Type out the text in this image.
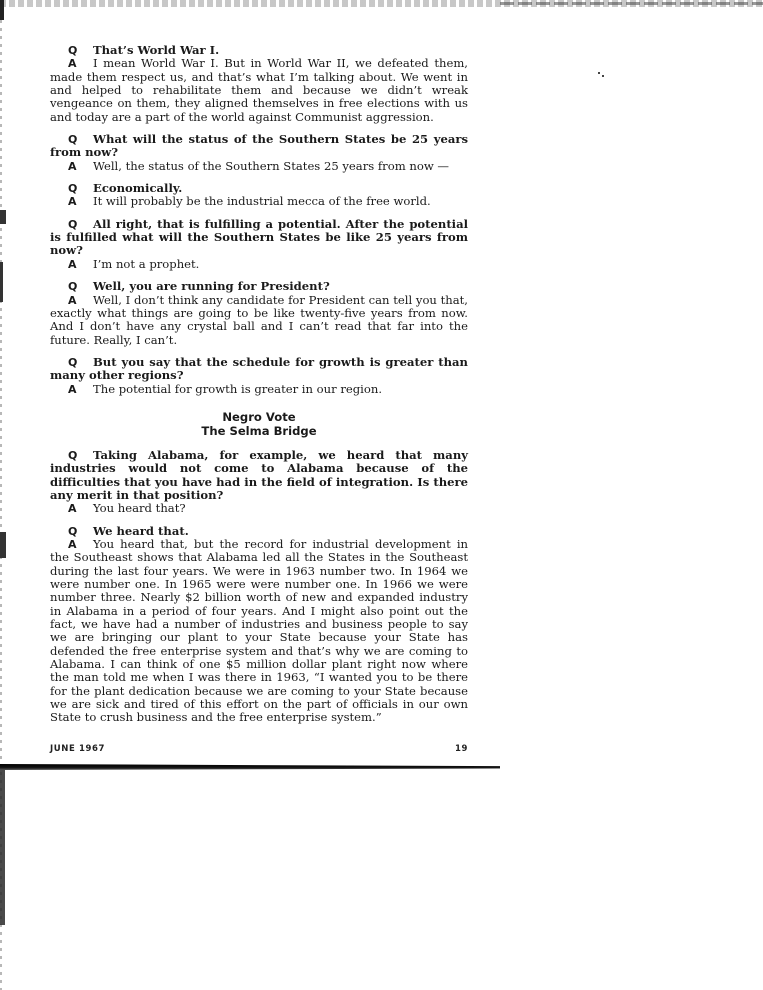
Q That’s World War I.

A I mean World War I. But in World War II, we defeated them, made them respect us, and that’s what I’m talking about. We went in and helped to rehabilitate them and because we didn’t wreak vengeance on them, they aligned themselves in free elections with us and today are a part of the world against Communist aggression.

Q What will the status of the Southern States be 25 years from now?

A Well, the status of the Southern States 25 years from now —

Q Economically.

A It will probably be the industrial mecca of the free world.

Q All right, that is fulfilling a potential. After the potential is fulfilled what will the Southern States be like 25 years from now?

A I’m not a prophet.

Q Well, you are running for President?

A Well, I don’t think any candidate for President can tell you that, exactly what things are going to be like twenty-five years from now. And I don’t have any crystal ball and I can’t read that far into the future. Really, I can’t.

Q But you say that the schedule for growth is greater than many other regions?

A The potential for growth is greater in our region.

Negro Vote
The Selma Bridge

Q Taking Alabama, for example, we heard that many industries would not come to Alabama because of the difficulties that you have had in the field of integration. Is there any merit in that position?

A You heard that?

Q We heard that.

A You heard that, but the record for industrial development in the Southeast shows that Alabama led all the States in the Southeast during the last four years. We were in 1963 number two. In 1964 we were number one. In 1965 were were number one. In 1966 we were number three. Nearly $2 billion worth of new and expanded industry in Alabama in a period of four years. And I might also point out the fact, we have had a number of industries and business people to say we are bringing our plant to your State because your State has defended the free enterprise system and that’s why we are coming to Alabama. I can think of one $5 million dollar plant right now where the man told me when I was there in 1963, “I wanted you to be there for the plant dedication because we are coming to your State because we are sick and tired of this effort on the part of officials in our own State to crush business and the free enterprise system.”

JUNE 1967	19
